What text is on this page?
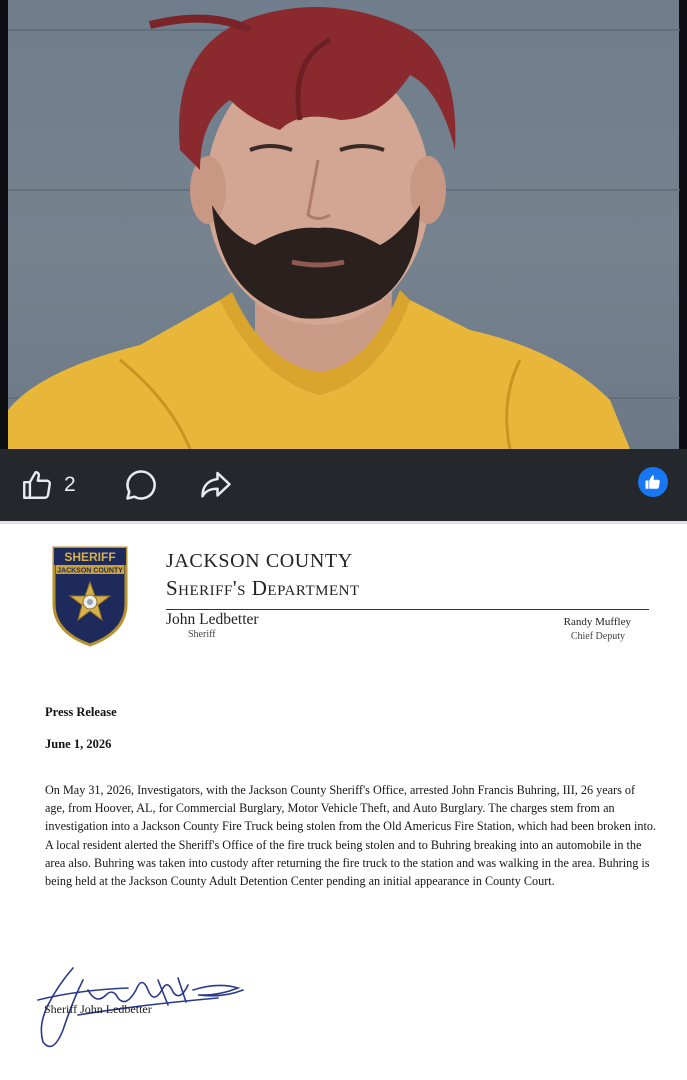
2
SHERIFF
JACKSON COUNTY JACKSON COUNTY
Sheriff's Department
John Ledbetter
Sheriff
Randy Muffley
Chief Deputy
Press Release
June 1, 2026
On May 31, 2026, Investigators, with the Jackson County Sheriff's Office, arrested John Francis Buhring, III, 26 years of age, from Hoover, AL, for Commercial Burglary, Motor Vehicle Theft, and Auto Burglary. The charges stem from an investigation into a Jackson County Fire Truck being stolen from the Old Americus Fire Station, which had been broken into. A local resident alerted the Sheriff's Office of the fire truck being stolen and to Buhring breaking into an automobile in the area also. Buhring was taken into custody after returning the fire truck to the station and was walking in the area. Buhring is being held at the Jackson County Adult Detention Center pending an initial appearance in County Court.
Sheriff John Ledbetter
